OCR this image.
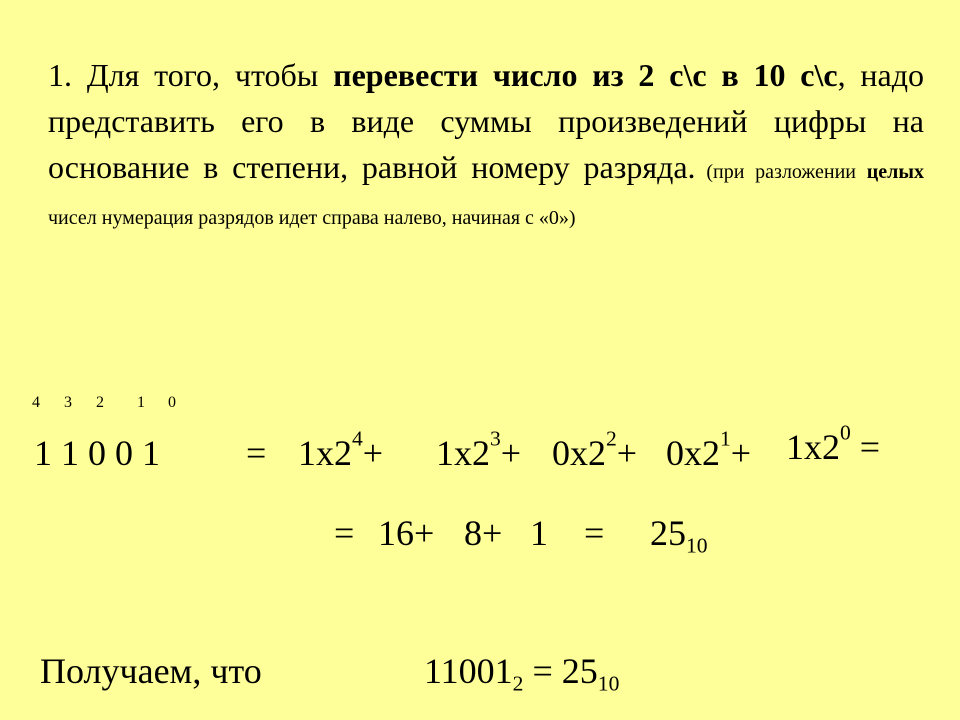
1. Для того, чтобы перевести число из 2 с\с в 10 с\с, надо представить его в виде суммы произведений цифры на основание в степени, равной номеру разряда. (при разложении целых чисел нумерация разрядов идет справа налево, начиная с «0»)
4 3 2 1 0
1 1 0 0 $1 = 1х2^4+ 1х2^3+ 0х2^2+ 0х2^1+ 1х2^0$ =
= $16+ 8+ 1 = 25_{10}$
Получаем, что	$11001_2 = 25_{10}$
